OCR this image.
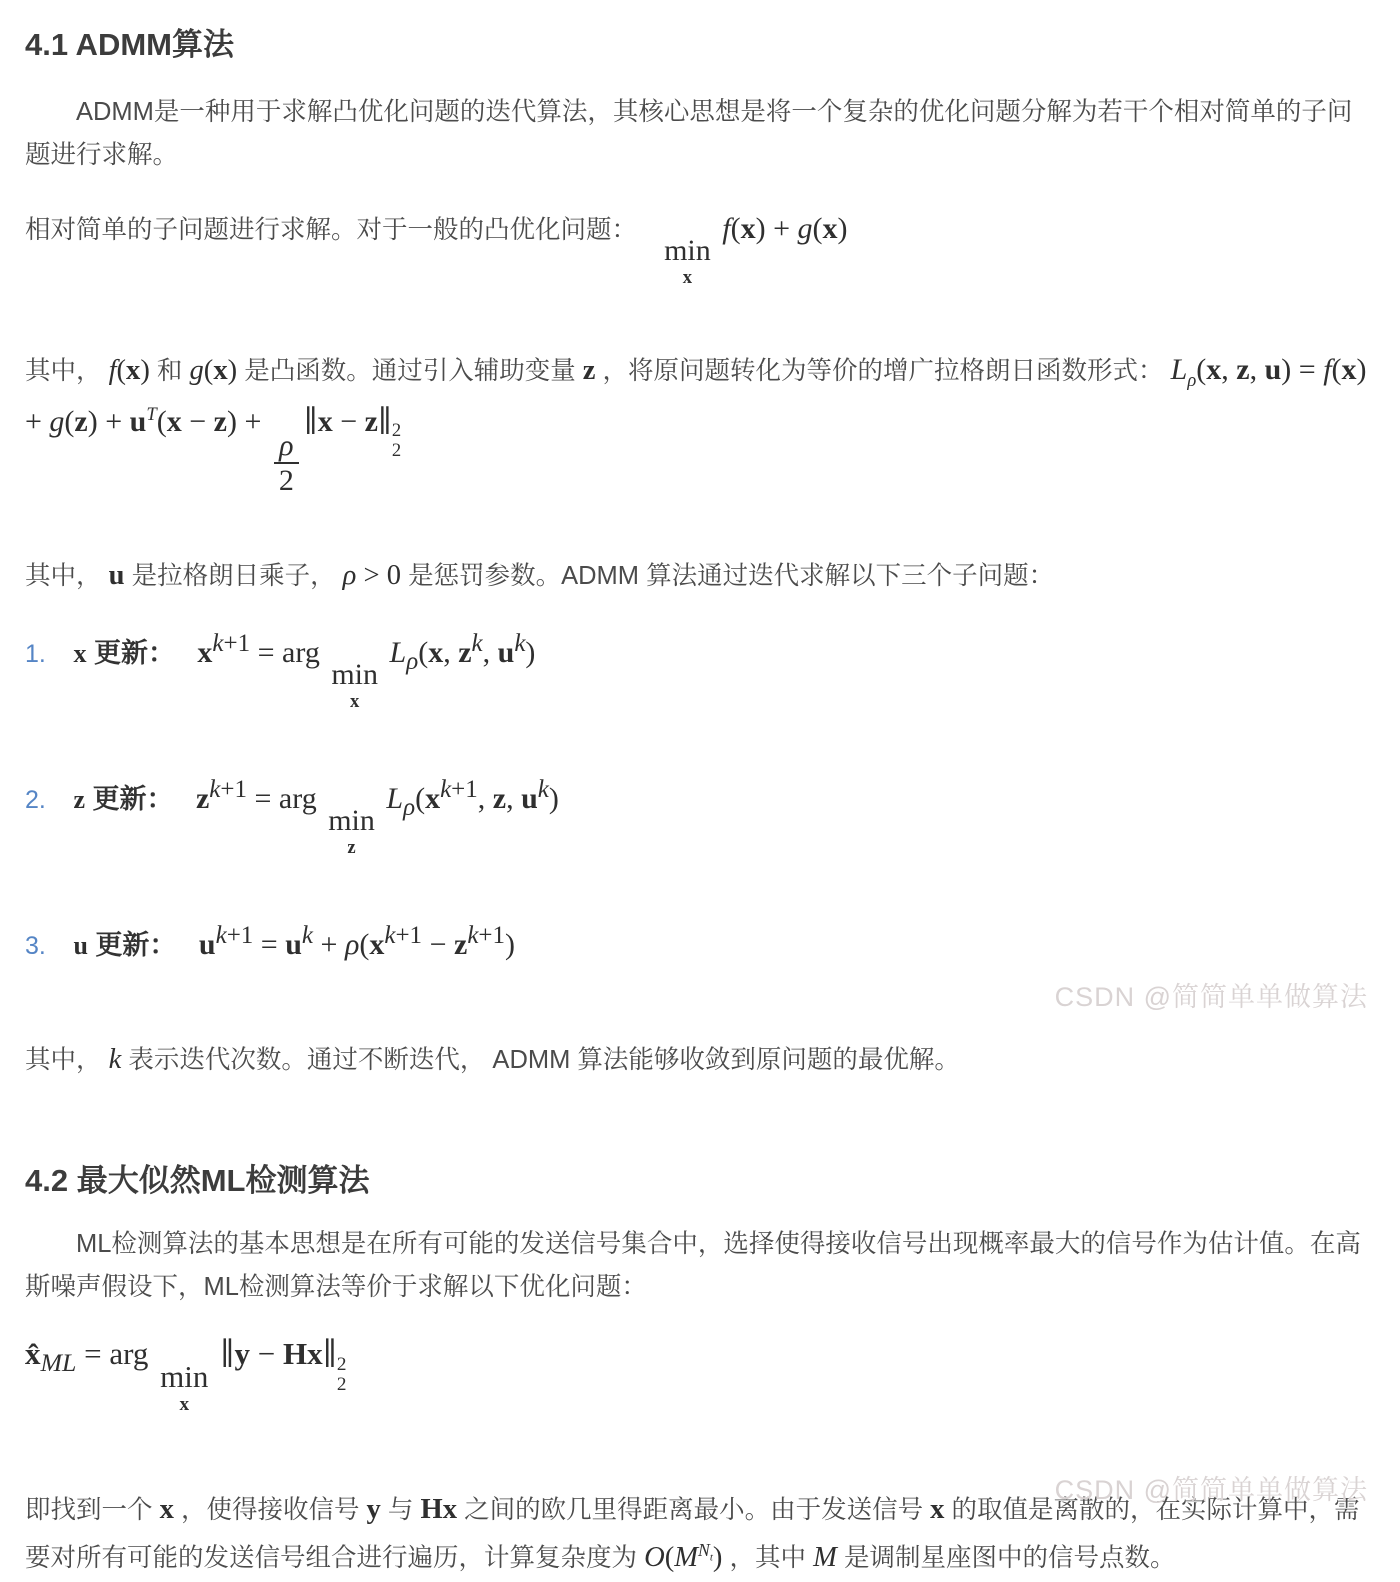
4.1 ADMM算法

ADMM是一种用于求解凸优化问题的迭代算法，其核心思想是将一个复杂的优化问题分解为若干个相对简单的子问题进行求解。

相对简单的子问题进行求解。对于一般的凸优化问题：
min
x
f(x) + g(x)

其中， f(x) 和 g(x) 是凸函数。通过引入辅助变量 z ，将原问题转化为等价的增广拉格朗日函数形式： $L_\rho(x$, z, $u) = f(x) + g(z) + u^T(x - z)$ +
$\frac{\rho}{2}$
∥x − z∥ 2
2

其中， u 是拉格朗日乘子， ρ > 0 是惩罚参数。ADMM 算法通过迭代求解以下三个子问题：

1. x 更新： $x^{k+1}$ = arg
min
x
$L_\rho(x$, $z^k$, $u^k$)
2. z 更新： $z^{k+1}$ = arg
min
z
$L_\rho(x^{k+1}$, z, $u^k$)
3. u 更新： $u^{k+1} = u^k + \rho(x^{k+1} - z^{k+1})$

其中， k 表示迭代次数。通过不断迭代， ADMM 算法能够收敛到原问题的最优解。

4.2 最大似然ML检测算法

ML检测算法的基本思想是在所有可能的发送信号集合中，选择使得接收信号出现概率最大的信号作为估计值。在高斯噪声假设下，ML检测算法等价于求解以下优化问题：

$x̂_{ML}$ = arg
min
x
∥y − Hx∥ 2
2

即找到一个 x ，使得接收信号 y 与 Hx 之间的欧几里得距离最小。由于发送信号 x 的取值是离散的，在实际计算中，需要对所有可能的发送信号组合进行遍历，计算复杂度为 $O(M^{N_t})$ ，其中 M 是调制星座图中的信号点数。

CSDN @简简单单做算法
CSDN @简简单单做算法
